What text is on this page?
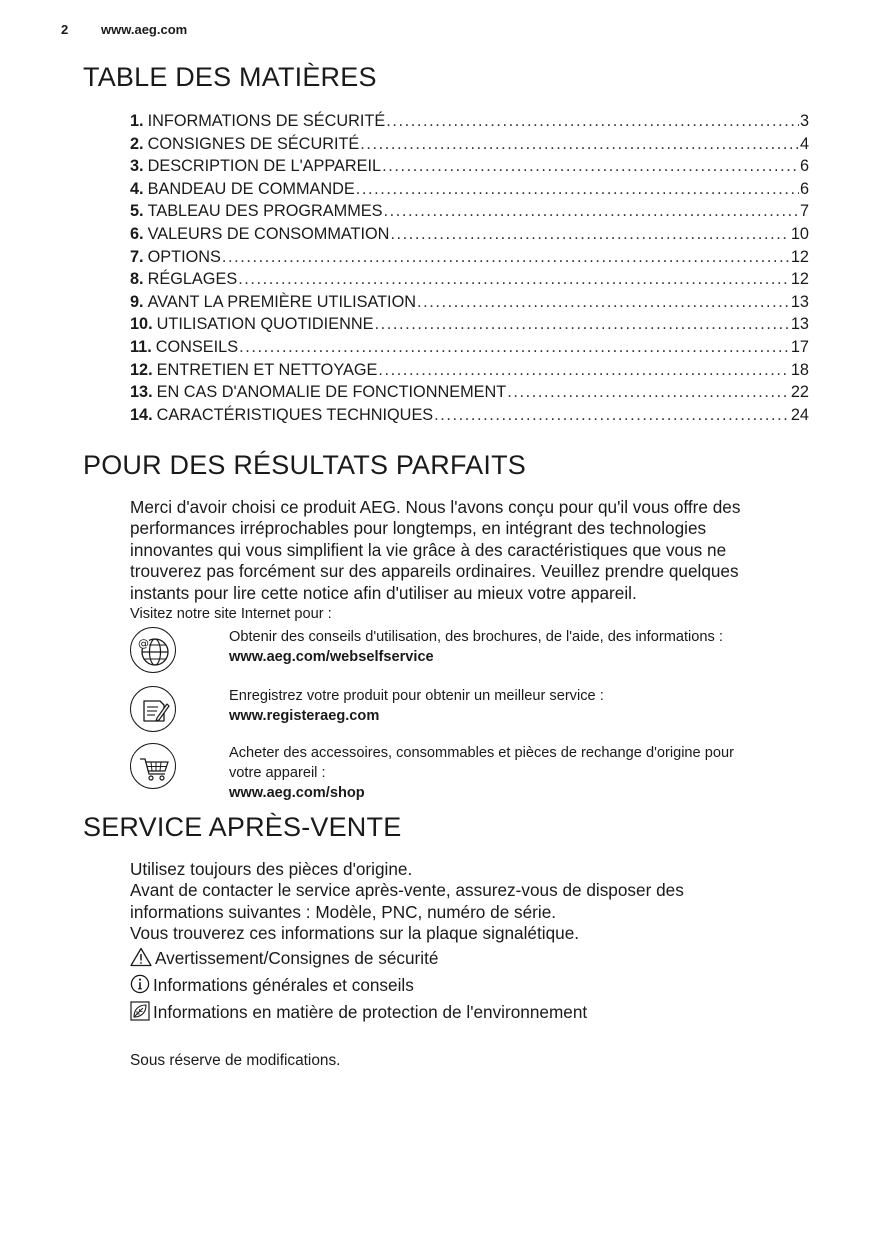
2	www.aeg.com
TABLE DES MATIÈRES
1. INFORMATIONS DE SÉCURITÉ .....	3
2. CONSIGNES DE SÉCURITÉ .....	4
3. DESCRIPTION DE L'APPAREIL .....	6
4. BANDEAU DE COMMANDE .....	6
5. TABLEAU DES PROGRAMMES .....	7
6. VALEURS DE CONSOMMATION .....	10
7. OPTIONS .....	12
8. RÉGLAGES .....	12
9. AVANT LA PREMIÈRE UTILISATION .....	13
10. UTILISATION QUOTIDIENNE .....	13
11. CONSEILS .....	17
12. ENTRETIEN ET NETTOYAGE .....	18
13. EN CAS D'ANOMALIE DE FONCTIONNEMENT .....	22
14. CARACTÉRISTIQUES TECHNIQUES .....	24
POUR DES RÉSULTATS PARFAITS
Merci d'avoir choisi ce produit AEG. Nous l'avons conçu pour qu'il vous offre des
performances irréprochables pour longtemps, en intégrant des technologies
innovantes qui vous simplifient la vie grâce à des caractéristiques que vous ne
trouverez pas forcément sur des appareils ordinaires. Veuillez prendre quelques
instants pour lire cette notice afin d'utiliser au mieux votre appareil.
Visitez notre site Internet pour :
@	Obtenir des conseils d'utilisation, des brochures, de l'aide, des informations :
www.aeg.com/webselfservice
Enregistrez votre produit pour obtenir un meilleur service :
www.registeraeg.com
Acheter des accessoires, consommables et pièces de rechange d'origine pour
votre appareil :
www.aeg.com/shop
SERVICE APRÈS-VENTE
Utilisez toujours des pièces d'origine.
Avant de contacter le service après-vente, assurez-vous de disposer des
informations suivantes : Modèle, PNC, numéro de série.
Vous trouverez ces informations sur la plaque signalétique.
Avertissement/Consignes de sécurité
Informations générales et conseils
Informations en matière de protection de l'environnement
Sous réserve de modifications.
